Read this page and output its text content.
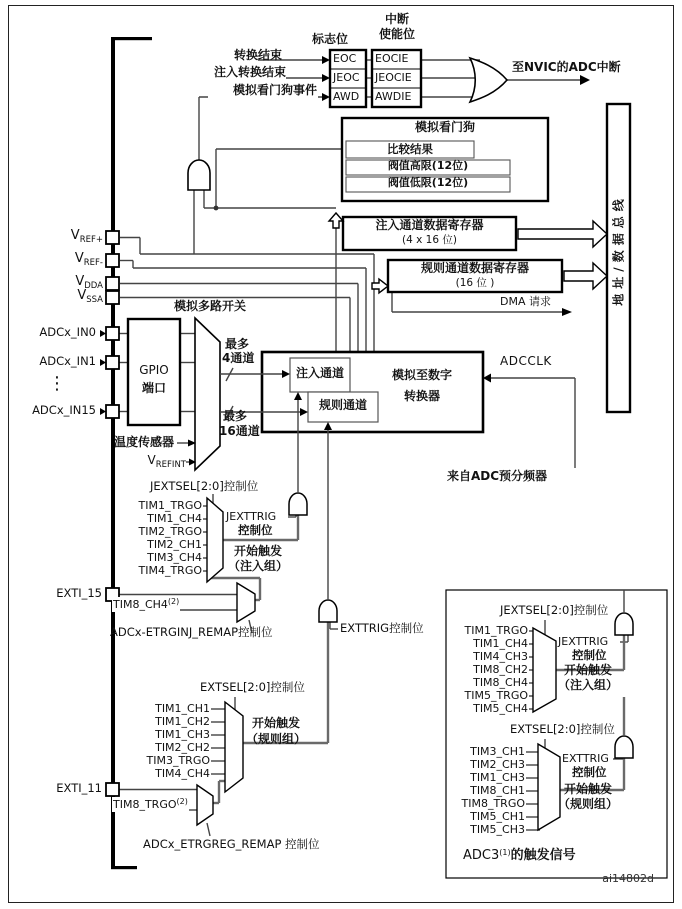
标志位
中断
使能位
转换结束
注入转换结束
模拟看门狗事件
EOC
JEOC
AWD
EOCIE
JEOCIE
AWDIE
至NVIC的ADC中断
模拟看门狗
比较结果
阀值高限(12位)
阀值低限(12位)
注入通道数据寄存器
(4 x 16 位)
规则通道数据寄存器
(16 位 )
DMA 请求	地址/数据总线
$V_{REF+}$
$V_{REF-}$
$V_{DDA}$
$V_{SSA}$
ADCx_IN0
ADCx_IN1
⋮
ADCx_IN15
EXTI_15
EXTI_11
GPIO
端口
模拟多路开关
最多
4通道
最多
16通道
温度传感器
$V_{REFINT}$
注入通道
规则通道
模拟至数字
转换器
ADCCLK
来自ADC预分频器
JEXTSEL[2:0]控制位
TIM1_TRGO
TIM1_CH4
TIM2_TRGO
TIM2_CH1
TIM3_CH4
TIM4_TRGO
JEXTTRIG
控制位
开始触发
（注入组）
TIM8_CH4$^{(2)}$
ADCx-ETRGINJ_REMAP控制位	EXTTRIG控制位
EXTSEL[2:0]控制位
TIM1_CH1
TIM1_CH2
TIM1_CH3
TIM2_CH2
TIM3_TRGO
TIM4_CH4
开始触发
（规则组）
TIM8_TRGO$^{(2)}$
ADCx_ETRGREG_REMAP 控制位
JEXTSEL[2:0]控制位
TIM1_TRGO
TIM1_CH4
TIM4_CH3
TIM8_CH2
TIM8_CH4
TIM5_TRGO
TIM5_CH4
JEXTTRIG
控制位
开始触发
（注入组）
EXTSEL[2:0]控制位
TIM3_CH1
TIM2_CH3
TIM1_CH3
TIM8_CH1
TIM8_TRGO
TIM5_CH1
TIM5_CH3
EXTTRIG
控制位
开始触发
（规则组）
ADC3$^{(1)}$的触发信号
ai14802d
